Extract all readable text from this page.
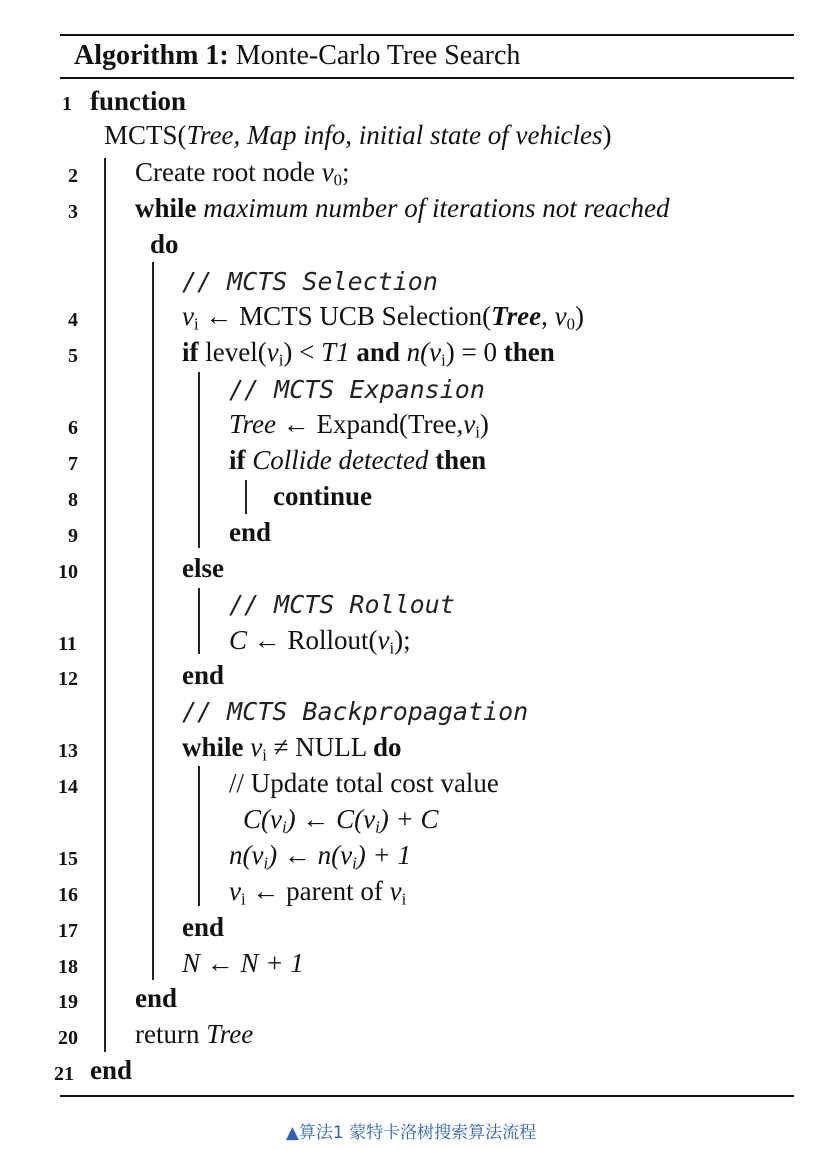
Algorithm 1: Monte-Carlo Tree Search
1 function
MCTS(Tree, Map info, initial state of vehicles)
2 Create root node $v_0$;
3 while maximum number of iterations not reached
do
// MCTS Selection
4	$v_i$ ← MCTS UCB Selection(Tree, $v_0$)
5	if $level(v_i) < T1$ and $n(v_i) = 0$ then
// MCTS Expansion
6	Tree ← $Expand(Tree,v_i)$
7	if Collide detected then
8	continue
9	end
10	else
// MCTS Rollout
11	C ← $Rollout(v_i)$;
12	end
// MCTS Backpropagation
13	while $v_i$ ≠ NULL do
14	// Update total cost value
$C(v_i)$ ← $C(v_i) + C$
15	$n(v_i)$ ← $n(v_i) + 1$
16	$v_i$ ← parent of $v_i$
17	end
18	N ← N + 1
19 end
20 return Tree
21 end
▲算法1 蒙特卡洛树搜索算法流程
